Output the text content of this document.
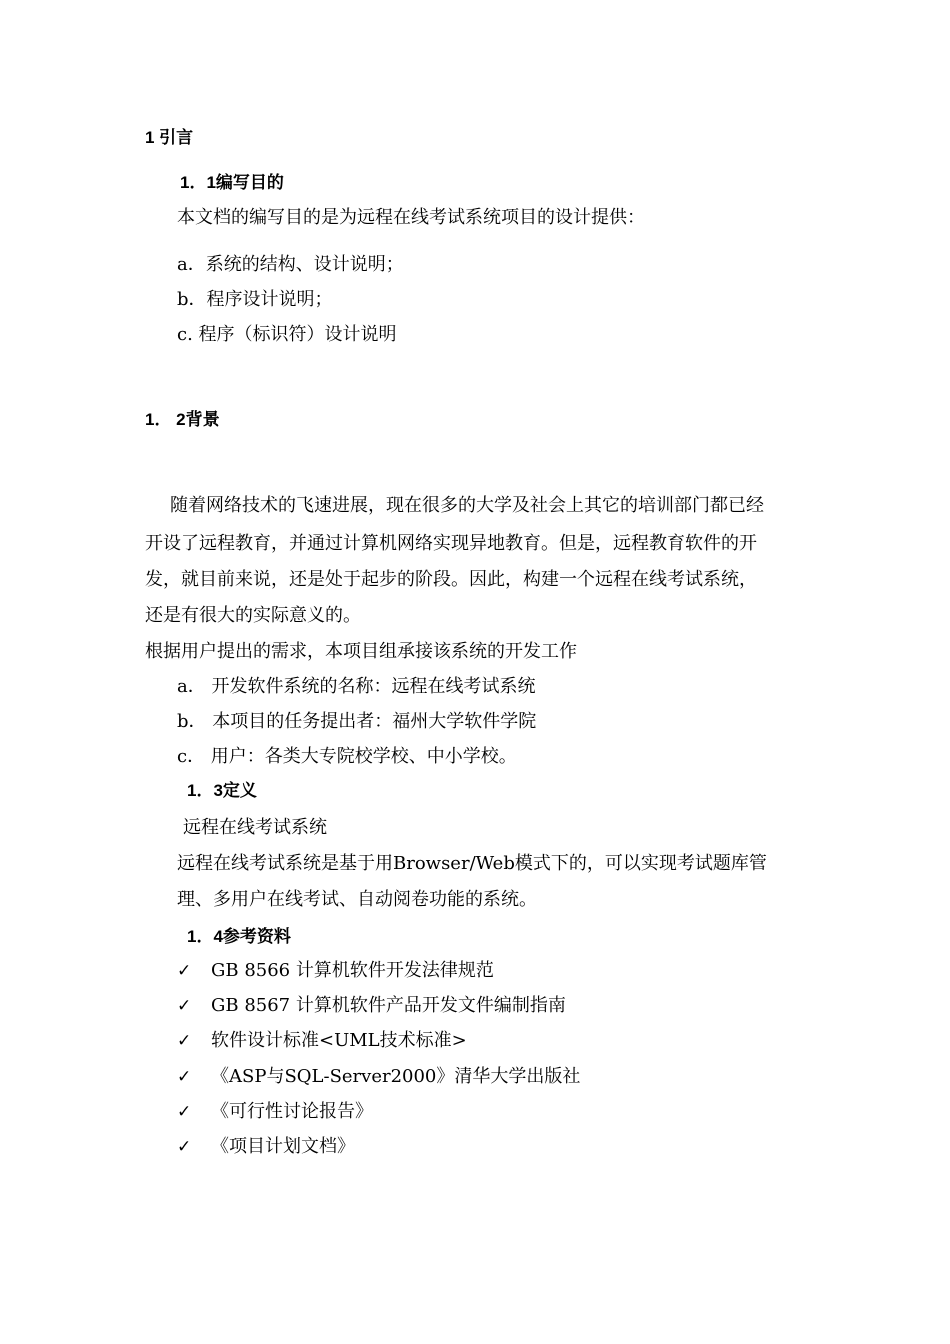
1 引言
1．1编写目的
本文档的编写目的是为远程在线考试系统项目的设计提供：
a．系统的结构、设计说明；
b．程序设计说明；
c. 程序（标识符）设计说明
1． 2背景
随着网络技术的飞速进展，现在很多的大学及社会上其它的培训部门都已经
开设了远程教育，并通过计算机网络实现异地教育。但是，远程教育软件的开
发，就目前来说，还是处于起步的阶段。因此，构建一个远程在线考试系统，
还是有很大的实际意义的。
根据用户提出的需求，本项目组承接该系统的开发工作
a． 开发软件系统的名称：远程在线考试系统
b． 本项目的任务提出者：福州大学软件学院
c． 用户：各类大专院校学校、中小学校。
1．3定义
远程在线考试系统
远程在线考试系统是基于用Browser/Web模式下的，可以实现考试题库管
理、多用户在线考试、自动阅卷功能的系统。
1．4参考资料
✓ GB 8566 计算机软件开发法律规范
✓ GB 8567 计算机软件产品开发文件编制指南
✓ 软件设计标准<UML技术标准>
✓ 《ASP与SQL-Server2000》清华大学出版社
✓ 《可行性讨论报告》
✓ 《项目计划文档》
